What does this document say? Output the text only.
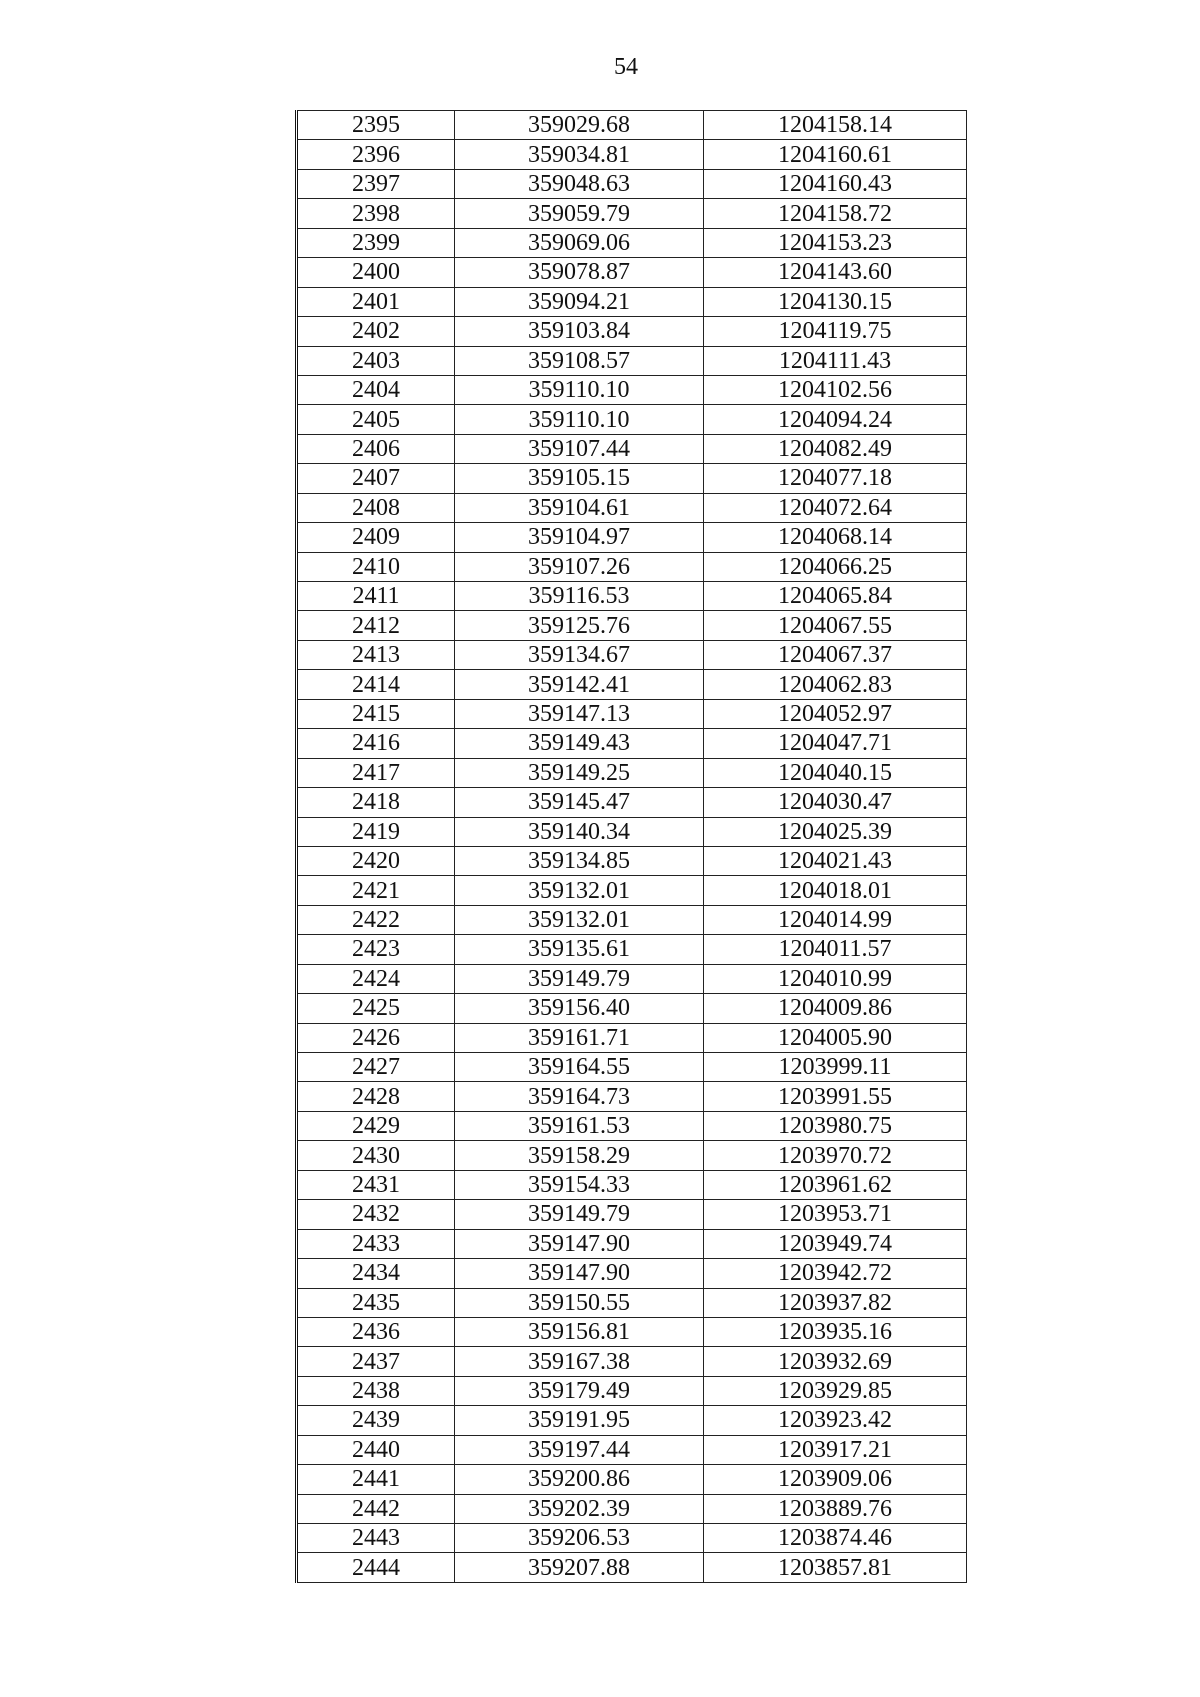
54
2395	359029.68	1204158.14
2396	359034.81	1204160.61
2397	359048.63	1204160.43
2398	359059.79	1204158.72
2399	359069.06	1204153.23
2400	359078.87	1204143.60
2401	359094.21	1204130.15
2402	359103.84	1204119.75
2403	359108.57	1204111.43
2404	359110.10	1204102.56
2405	359110.10	1204094.24
2406	359107.44	1204082.49
2407	359105.15	1204077.18
2408	359104.61	1204072.64
2409	359104.97	1204068.14
2410	359107.26	1204066.25
2411	359116.53	1204065.84
2412	359125.76	1204067.55
2413	359134.67	1204067.37
2414	359142.41	1204062.83
2415	359147.13	1204052.97
2416	359149.43	1204047.71
2417	359149.25	1204040.15
2418	359145.47	1204030.47
2419	359140.34	1204025.39
2420	359134.85	1204021.43
2421	359132.01	1204018.01
2422	359132.01	1204014.99
2423	359135.61	1204011.57
2424	359149.79	1204010.99
2425	359156.40	1204009.86
2426	359161.71	1204005.90
2427	359164.55	1203999.11
2428	359164.73	1203991.55
2429	359161.53	1203980.75
2430	359158.29	1203970.72
2431	359154.33	1203961.62
2432	359149.79	1203953.71
2433	359147.90	1203949.74
2434	359147.90	1203942.72
2435	359150.55	1203937.82
2436	359156.81	1203935.16
2437	359167.38	1203932.69
2438	359179.49	1203929.85
2439	359191.95	1203923.42
2440	359197.44	1203917.21
2441	359200.86	1203909.06
2442	359202.39	1203889.76
2443	359206.53	1203874.46
2444	359207.88	1203857.81
